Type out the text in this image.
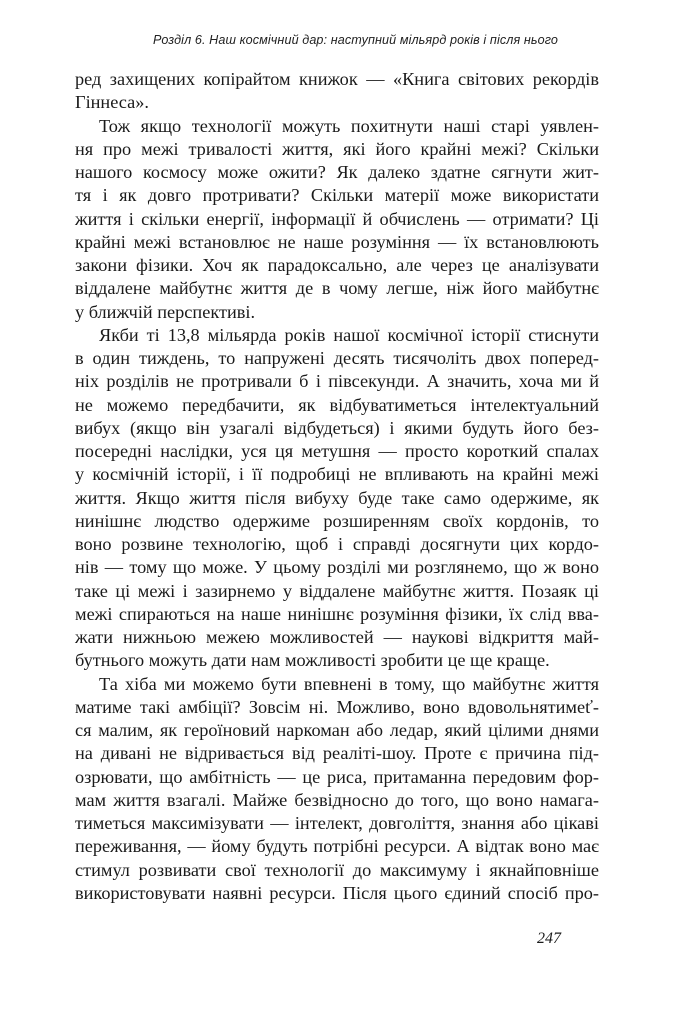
Розділ 6. Наш космічний дар: наступний мільярд років і після нього
ред захищених копірайтом книжок — «Книга світових рекордів
Гіннеса».
Тож якщо технології можуть похитнути наші старі уявлен-
ня про межі тривалості життя, які його крайні межі? Скільки
нашого космосу може ожити? Як далеко здатне сягнути жит-
тя і як довго протривати? Скільки матерії може використати
життя і скільки енергії, інформації й обчислень — отримати? Ці
крайні межі встановлює не наше розуміння — їх встановлюють
закони фізики. Хоч як парадоксально, але через це аналізувати
віддалене майбутнє життя де в чому легше, ніж його майбутнє
у ближчій перспективі.
Якби ті 13,8 мільярда років нашої космічної історії стиснути
в один тиждень, то напружені десять тисячоліть двох поперед-
ніх розділів не протривали б і півсекунди. А значить, хоча ми й
не можемо передбачити, як відбуватиметься інтелектуальний
вибух (якщо він узагалі відбудеться) і якими будуть його без-
посередні наслідки, уся ця метушня — просто короткий спалах
у космічній історії, і її подробиці не впливають на крайні межі
життя. Якщо життя після вибуху буде таке само одержиме, як
нинішнє людство одержиме розширенням своїх кордонів, то
воно розвине технологію, щоб і справді досягнути цих кордо-
нів — тому що може. У цьому розділі ми розглянемо, що ж воно
таке ці межі і зазирнемо у віддалене майбутнє життя. Позаяк ці
межі спираються на наше нинішнє розуміння фізики, їх слід вва-
жати нижньою межею можливостей — наукові відкриття май-
бутнього можуть дати нам можливості зробити це ще краще.
Та хіба ми можемо бути впевнені в тому, що майбутнє життя
матиме такі амбіції? Зовсім ні. Можливо, воно вдовольнятимеť-
ся малим, як героїновий наркоман або ледар, який цілими днями
на дивані не відривається від реаліті-шоу. Проте є причина під-
озрювати, що амбітність — це риса, притаманна передовим фор-
мам життя взагалі. Майже безвідносно до того, що воно намага-
тиметься максимізувати — інтелект, довголіття, знання або цікаві
переживання, — йому будуть потрібні ресурси. А відтак воно має
стимул розвивати свої технології до максимуму і якнайповніше
використовувати наявні ресурси. Після цього єдиний спосіб про-
247
